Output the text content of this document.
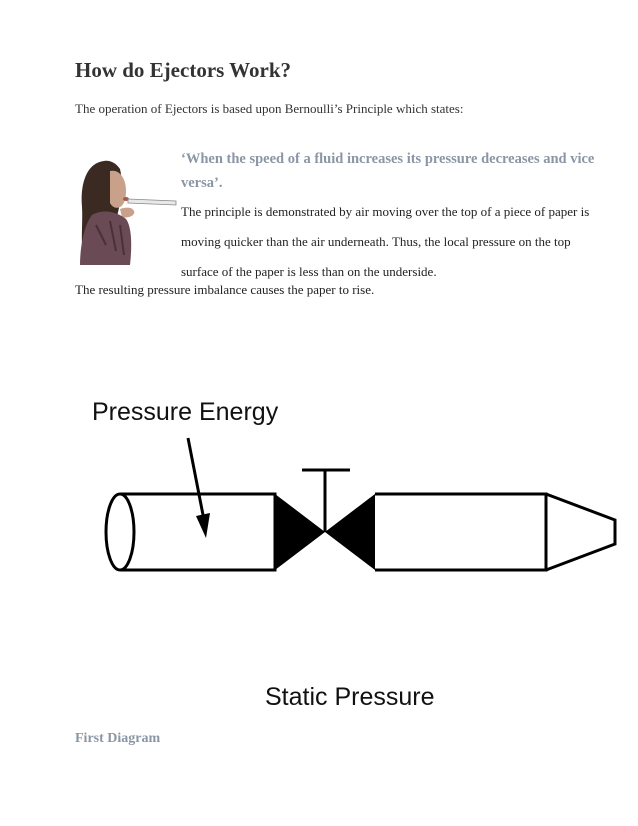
How do Ejectors Work?

The operation of Ejectors is based upon Bernoulli’s Principle which states:

‘When the speed of a fluid increases its pressure decreases and vice versa’.

The principle is demonstrated by air moving over the top of a piece of paper is moving quicker than the air underneath. Thus, the local pressure on the top surface of the paper is less than on the underside.

The resulting pressure imbalance causes the paper to rise.

Pressure Energy
Static Pressure

First Diagram
